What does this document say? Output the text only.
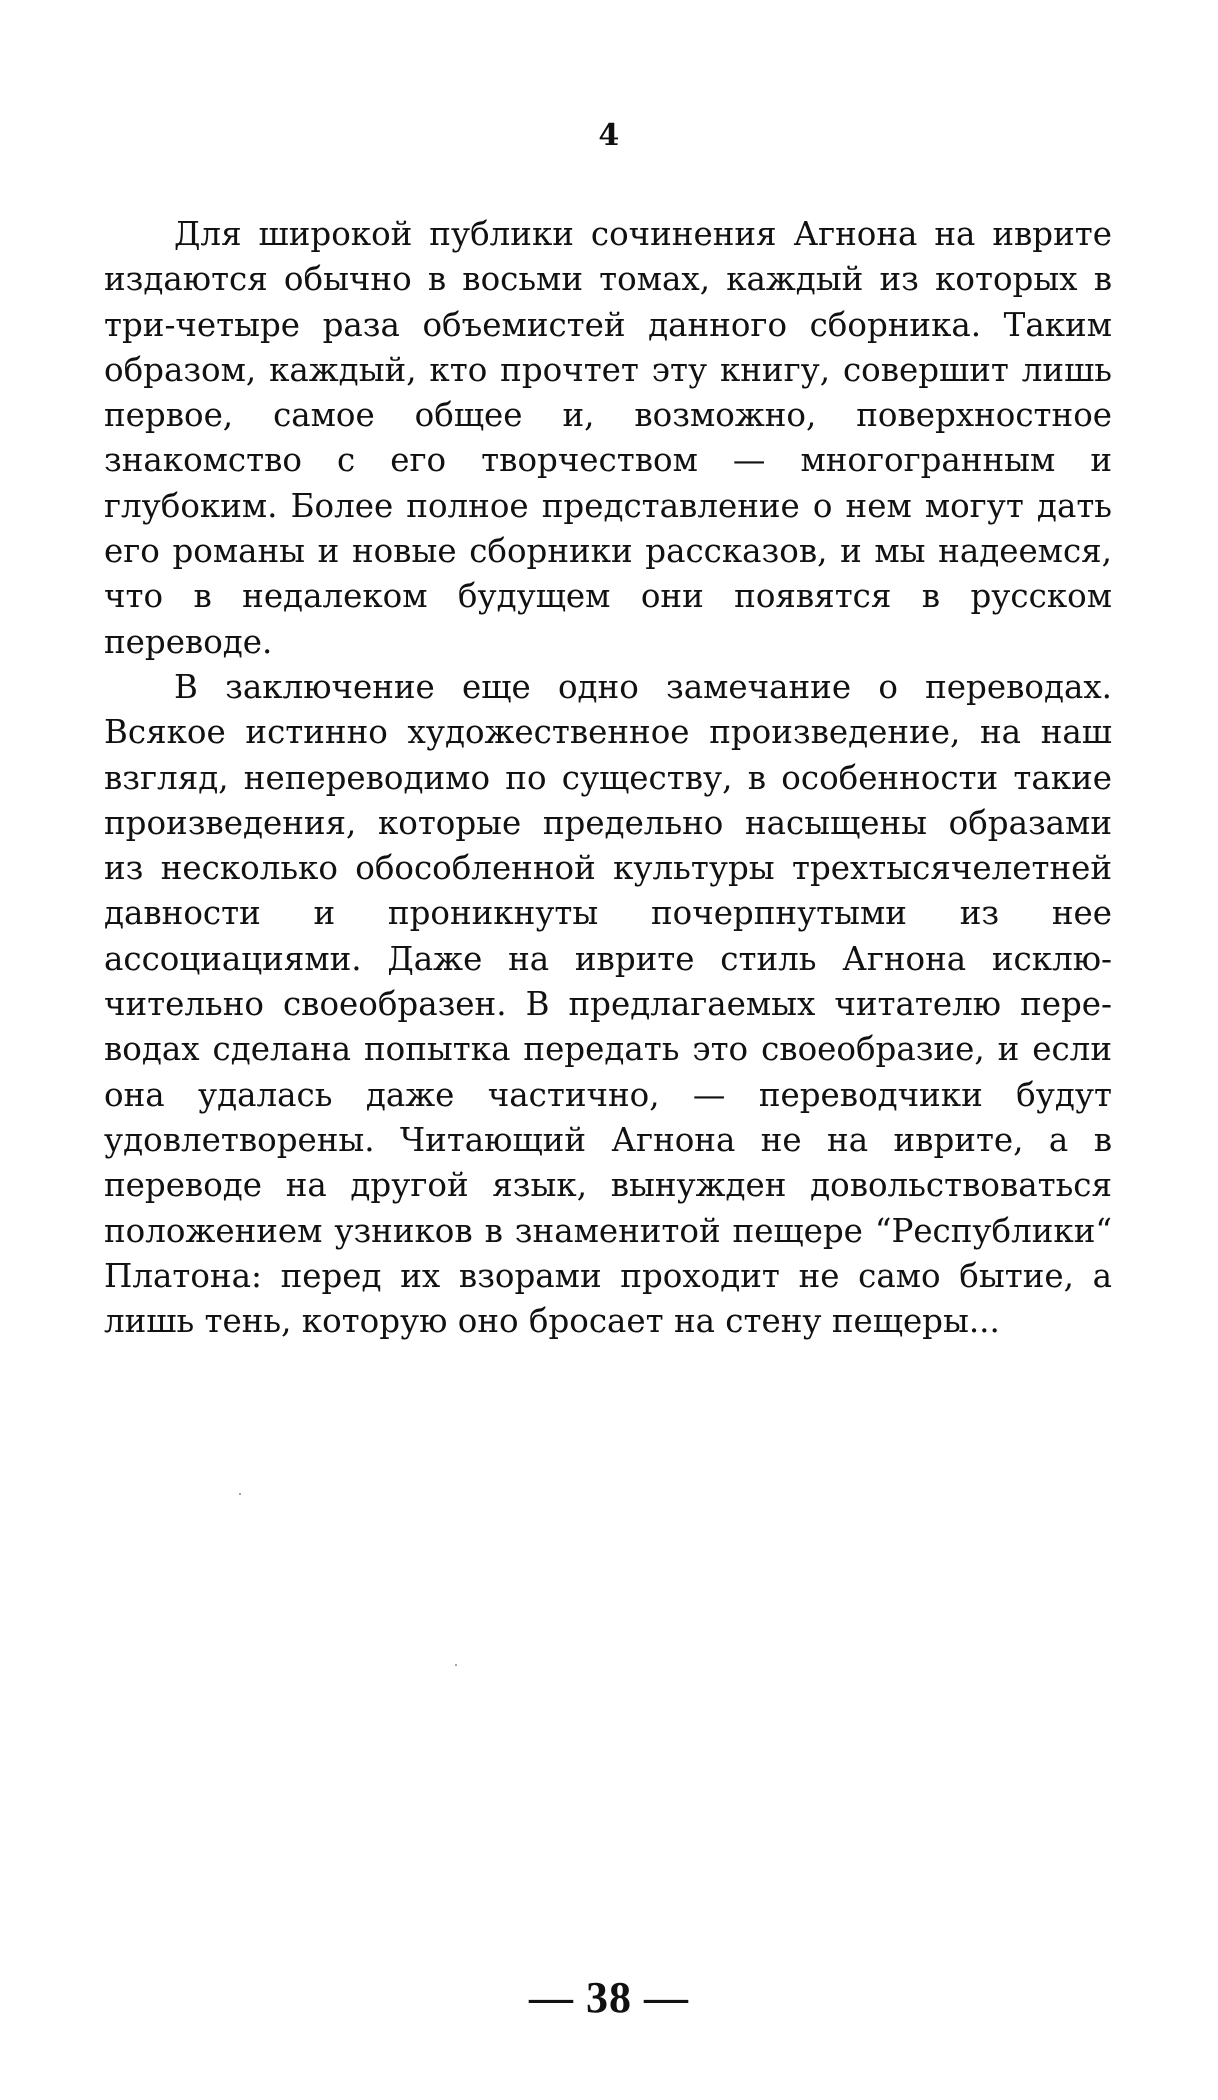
4

Для широкой публики сочинения Агнона на иврите издаются обычно в восьми томах, каждый из которых в три-четыре раза объемистей данного сборника. Таким образом, каждый, кто прочтет эту книгу, совершит лишь первое, самое общее и, возможно, поверхностное знакомство с его творчеством — многогранным и глубоким. Более полное представление о нем могут дать его романы и новые сборники рассказов, и мы надеемся, что в недалеком будущем они появятся в русском переводе.

В заключение еще одно замечание о переводах. Всякое истинно художественное произведение, на наш взгляд, непереводимо по существу, в особенности такие произведения, которые предельно насыщены образами из несколько обособленной культуры трехтысячелетней давности и проникнуты почерпнутыми из нее ассоциациями. Даже на иврите стиль Агнона исключительно своеобразен. В предлагаемых читателю переводах сделана попытка передать это своеобразие, и если она удалась даже частично, — переводчики будут удовлетворены. Читающий Агнона не на иврите, а в переводе на другой язык, вынужден довольствоваться положением узников в знаменитой пещере “Республики“ Платона: перед их взорами проходит не само бытие, а лишь тень, которую оно бросает на стену пещеры...

— 38 —
